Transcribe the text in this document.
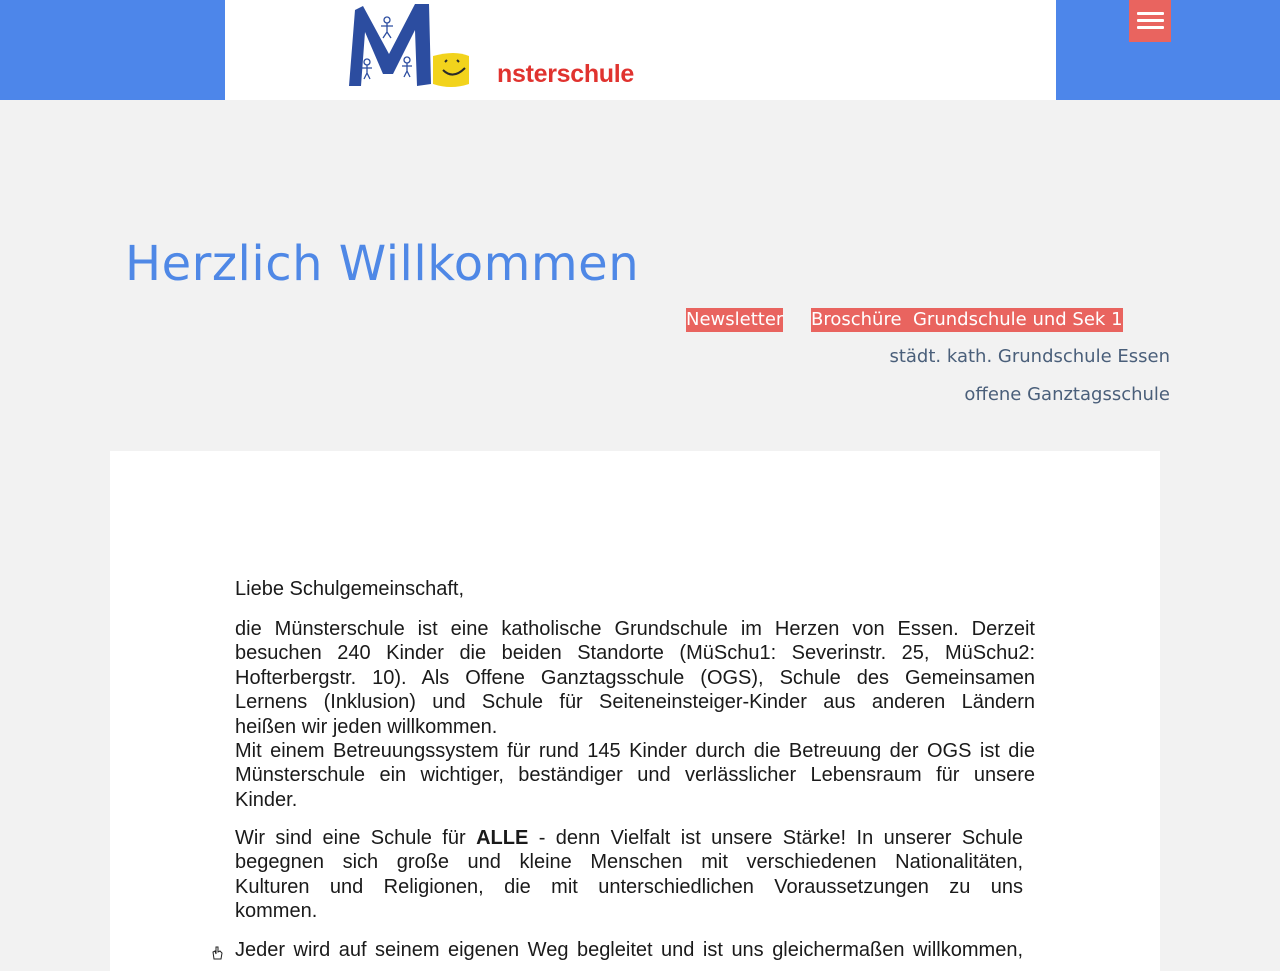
nsterschule
Herzlich Willkommen
Newsletter Broschüre  Grundschule und Sek 1
städt. kath. Grundschule Essen
offene Ganztagsschule
Liebe Schulgemeinschaft,
die Münsterschule ist eine katholische Grundschule im Herzen von Essen. Derzeit
besuchen 240 Kinder die beiden Standorte (MüSchu1: Severinstr. 25, MüSchu2:
Hofterbergstr. 10). Als Offene Ganztagsschule (OGS), Schule des Gemeinsamen
Lernens (Inklusion) und Schule für Seiteneinsteiger-Kinder aus anderen Ländern
heißen wir jeden willkommen.
Mit einem Betreuungssystem für rund 145 Kinder durch die Betreuung der OGS ist die
Münsterschule ein wichtiger, beständiger und verlässlicher Lebensraum für unsere
Kinder.
Wir sind eine Schule für ALLE - denn Vielfalt ist unsere Stärke! In unserer Schule
begegnen sich große und kleine Menschen mit verschiedenen Nationalitäten,
Kulturen und Religionen, die mit unterschiedlichen Voraussetzungen zu uns
kommen.
Jeder wird auf seinem eigenen Weg begleitet und ist uns gleichermaßen willkommen,
